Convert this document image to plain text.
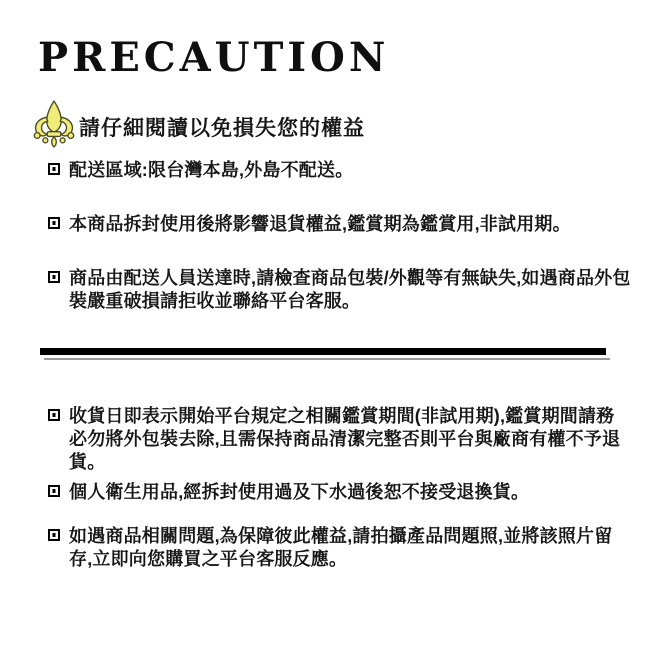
PRECAUTION
請仔細閱讀以免損失您的權益

配送區域:限台灣本島,外島不配送。

本商品拆封使用後將影響退貨權益,鑑賞期為鑑賞用,非試用期。

商品由配送人員送達時,請檢查商品包裝/外觀等有無缺失,如遇商品外包裝嚴重破損請拒收並聯絡平台客服。

收貨日即表示開始平台規定之相關鑑賞期間(非試用期),鑑賞期間請務必勿將外包裝去除,且需保持商品清潔完整否則平台與廠商有權不予退貨。

個人衛生用品,經拆封使用過及下水過後恕不接受退換貨。

如遇商品相關問題,為保障彼此權益,請拍攝產品問題照,並將該照片留存,立即向您購買之平台客服反應。
